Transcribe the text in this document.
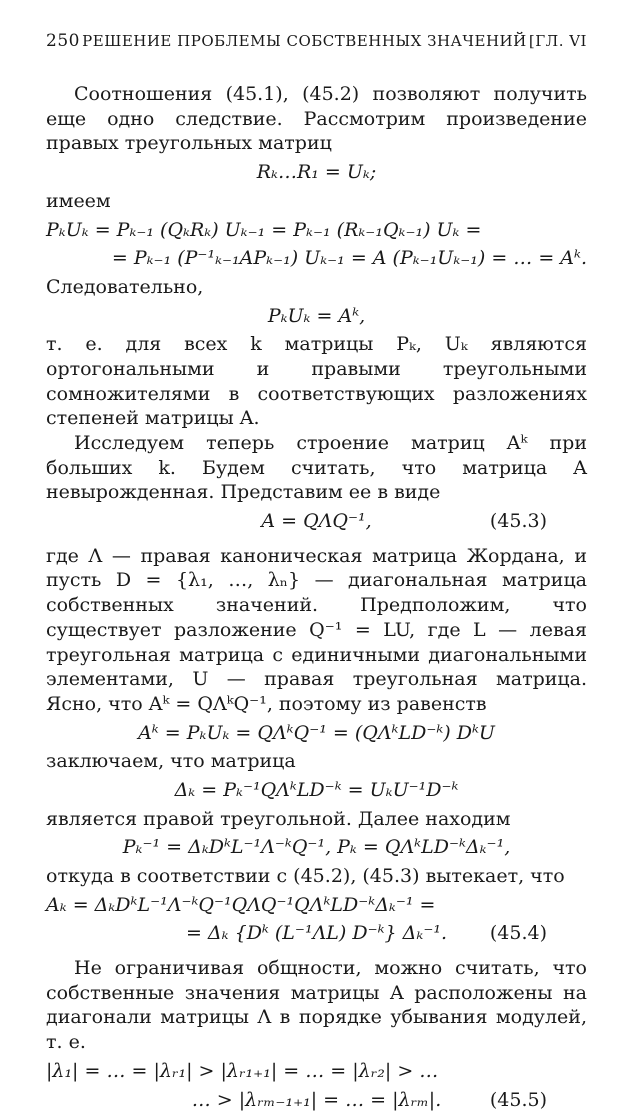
250 РЕШЕНИЕ ПРОБЛЕМЫ СОБСТВЕННЫХ ЗНАЧЕНИЙ [ГЛ. VI

Соотношения (45.1), (45.2) позволяют получить еще одно следствие. Рассмотрим произведение правых треугольных матриц

Rₖ…R₁ = Uₖ;

имеем

PₖUₖ = Pₖ₋₁ (QₖRₖ) Uₖ₋₁ = Pₖ₋₁ (Rₖ₋₁Qₖ₋₁) Uₖ =
= Pₖ₋₁ (P⁻¹ₖ₋₁APₖ₋₁) Uₖ₋₁ = A (Pₖ₋₁Uₖ₋₁) = … = Aᵏ.

Следовательно,

PₖUₖ = Aᵏ,

т. е. для всех k матрицы Pₖ, Uₖ являются ортогональными и правыми треугольными сомножителями в соответствующих разложениях степеней матрицы A.

Исследуем теперь строение матриц Aᵏ при больших k. Будем считать, что матрица A невырожденная. Представим ее в виде

A = QΛQ⁻¹,	(45.3)

где Λ — правая каноническая матрица Жордана, и пусть D = {λ₁, …, λₙ} — диагональная матрица собственных значений. Предположим, что существует разложение Q⁻¹ = LU, где L — левая треугольная матрица с единичными диагональными элементами, U — правая треугольная матрица. Ясно, что Aᵏ = QΛᵏQ⁻¹, поэтому из равенств

Aᵏ = PₖUₖ = QΛᵏQ⁻¹ = (QΛᵏLD⁻ᵏ) DᵏU

заключаем, что матрица

Δₖ = Pₖ⁻¹QΛᵏLD⁻ᵏ = UₖU⁻¹D⁻ᵏ

является правой треугольной. Далее находим

Pₖ⁻¹ = ΔₖDᵏL⁻¹Λ⁻ᵏQ⁻¹, Pₖ = QΛᵏLD⁻ᵏΔₖ⁻¹,

откуда в соответствии с (45.2), (45.3) вытекает, что

Aₖ = ΔₖDᵏL⁻¹Λ⁻ᵏQ⁻¹QΛQ⁻¹QΛᵏLD⁻ᵏΔₖ⁻¹ =
= Δₖ {Dᵏ (L⁻¹ΛL) D⁻ᵏ} Δₖ⁻¹. (45.4)

Не ограничивая общности, можно считать, что собственные значения матрицы A расположены на диагонали матрицы Λ в порядке убывания модулей, т. е.

|λ₁| = … = |λᵣ₁| > |λᵣ₁₊₁| = … = |λᵣ₂| > …
… > |λᵣₘ₋₁₊₁| = … = |λᵣₘ|.	(45.5)
